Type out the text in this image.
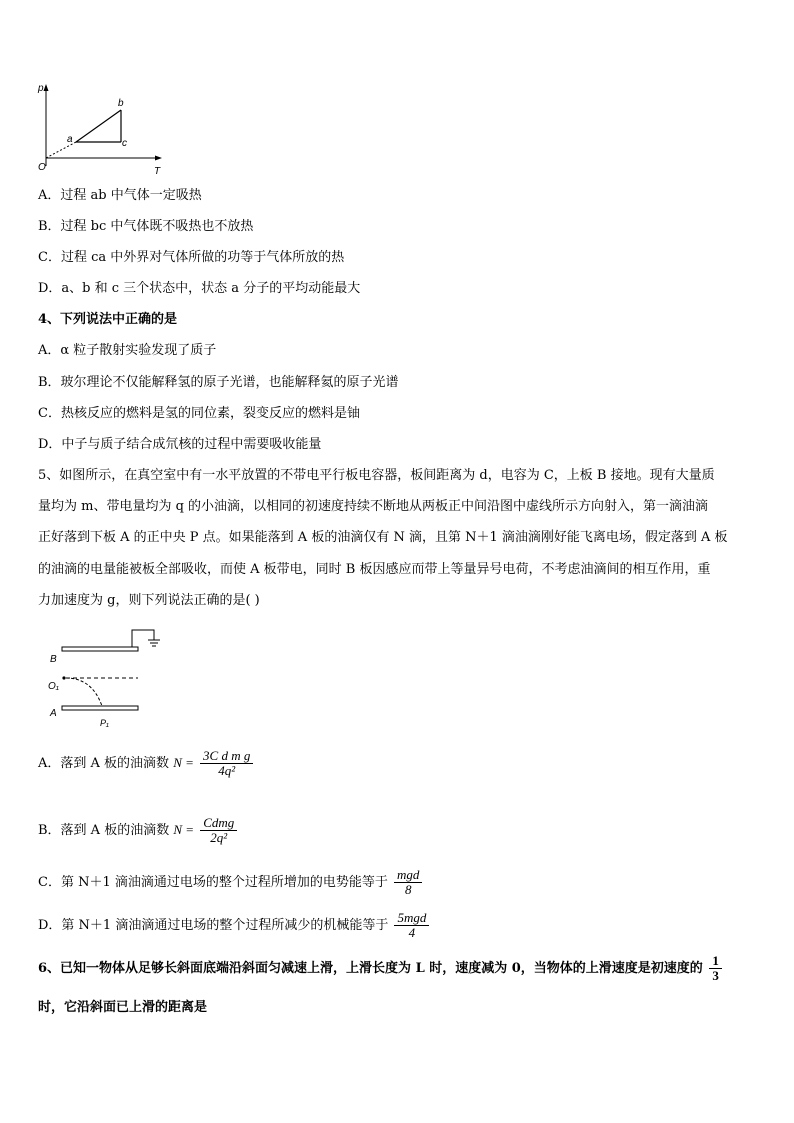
p
T
O
a
b
c
A．过程 ab 中气体一定吸热
B．过程 bc 中气体既不吸热也不放热
C．过程 ca 中外界对气体所做的功等于气体所放的热
D．a、b 和 c 三个状态中，状态 a 分子的平均动能最大
4、下列说法中正确的是
A．α 粒子散射实验发现了质子
B．玻尔理论不仅能解释氢的原子光谱，也能解释氦的原子光谱
C．热核反应的燃料是氢的同位素，裂变反应的燃料是铀
D．中子与质子结合成氘核的过程中需要吸收能量
5、如图所示，在真空室中有一水平放置的不带电平行板电容器，板间距离为 d，电容为 C，上板 B 接地。现有大量质
量均为 m、带电量均为 q 的小油滴，以相同的初速度持续不断地从两板正中间沿图中虚线所示方向射入，第一滴油滴
正好落到下板 A 的正中央 P 点。如果能落到 A 板的油滴仅有 N 滴，且第 N＋1 滴油滴刚好能飞离电场，假定落到 A 板
的油滴的电量能被板全部吸收，而使 A 板带电，同时 B 板因感应而带上等量异号电荷，不考虑油滴间的相互作用，重
力加速度为 g，则下列说法正确的是( )
B
O₁
A
P₁
A．落到 A 板的油滴数 $N = \frac{\text{3C d m g}}{\text{4q²}}$
B．落到 A 板的油滴数 $N = \frac{\text{Cdmg}}{\text{2q²}}$
C．第 N＋1 滴油滴通过电场的整个过程所增加的电势能等于 $\frac{\text{mgd}}{8}$
D．第 N＋1 滴油滴通过电场的整个过程所减少的机械能等于 $\frac{\text{5mgd}}{4}$
6、已知一物体从足够长斜面底端沿斜面匀减速上滑，上滑长度为 L 时，速度减为 0，当物体的上滑速度是初速度的 $\frac{1}{3}$
时，它沿斜面已上滑的距离是
